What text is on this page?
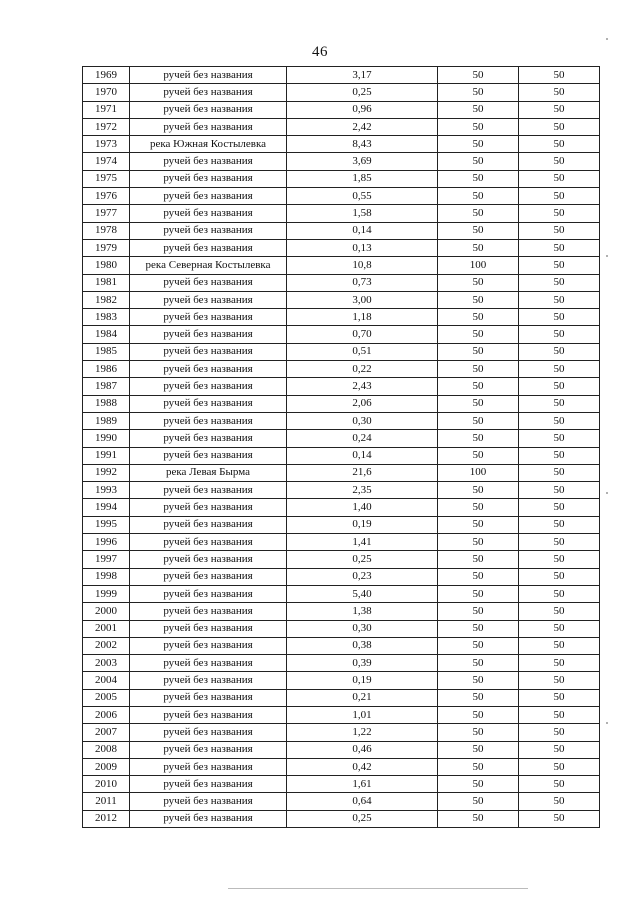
46
1969	ручей без названия	3,17	50	50
1970	ручей без названия	0,25	50	50
1971	ручей без названия	0,96	50	50
1972	ручей без названия	2,42	50	50
1973	река Южная Костылевка	8,43	50	50
1974	ручей без названия	3,69	50	50
1975	ручей без названия	1,85	50	50
1976	ручей без названия	0,55	50	50
1977	ручей без названия	1,58	50	50
1978	ручей без названия	0,14	50	50
1979	ручей без названия	0,13	50	50
1980	река Северная Костылевка	10,8	100	50
1981	ручей без названия	0,73	50	50
1982	ручей без названия	3,00	50	50
1983	ручей без названия	1,18	50	50
1984	ручей без названия	0,70	50	50
1985	ручей без названия	0,51	50	50
1986	ручей без названия	0,22	50	50
1987	ручей без названия	2,43	50	50
1988	ручей без названия	2,06	50	50
1989	ручей без названия	0,30	50	50
1990	ручей без названия	0,24	50	50
1991	ручей без названия	0,14	50	50
1992	река Левая Бырма	21,6	100	50
1993	ручей без названия	2,35	50	50
1994	ручей без названия	1,40	50	50
1995	ручей без названия	0,19	50	50
1996	ручей без названия	1,41	50	50
1997	ручей без названия	0,25	50	50
1998	ручей без названия	0,23	50	50
1999	ручей без названия	5,40	50	50
2000	ручей без названия	1,38	50	50
2001	ручей без названия	0,30	50	50
2002	ручей без названия	0,38	50	50
2003	ручей без названия	0,39	50	50
2004	ручей без названия	0,19	50	50
2005	ручей без названия	0,21	50	50
2006	ручей без названия	1,01	50	50
2007	ручей без названия	1,22	50	50
2008	ручей без названия	0,46	50	50
2009	ручей без названия	0,42	50	50
2010	ручей без названия	1,61	50	50
2011	ручей без названия	0,64	50	50
2012	ручей без названия	0,25	50	50
